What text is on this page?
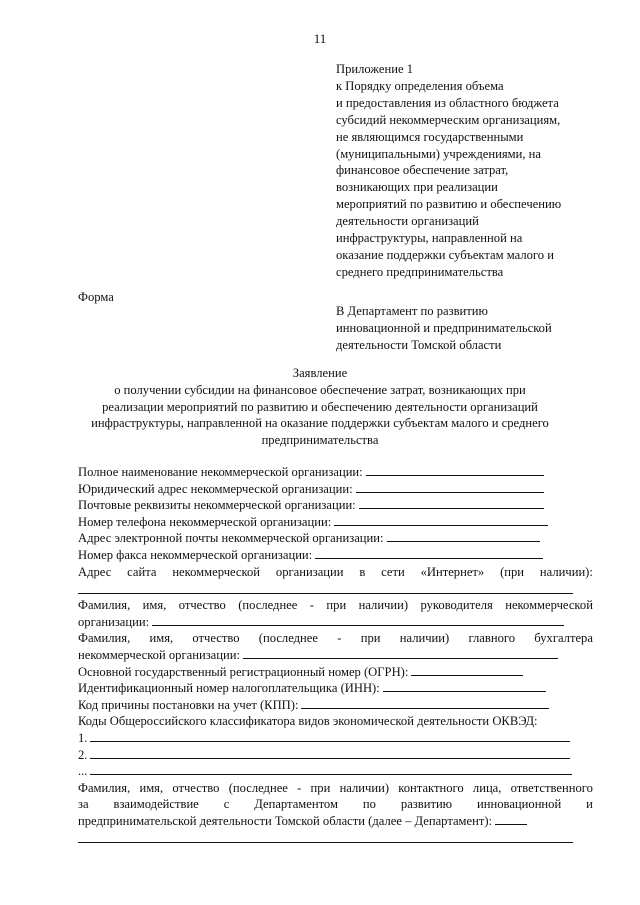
11
Приложение 1
к Порядку определения объема
и предоставления из областного бюджета
субсидий некоммерческим организациям,
не являющимся государственными
(муниципальными) учреждениями, на
финансовое обеспечение затрат,
возникающих при реализации
мероприятий по развитию и обеспечению
деятельности организаций
инфраструктуры, направленной на
оказание поддержки субъектам малого и
среднего предпринимательства
Форма
В Департамент по развитию
инновационной и предпринимательской
деятельности Томской области
Заявление
о получении субсидии на финансовое обеспечение затрат, возникающих при
реализации мероприятий по развитию и обеспечению деятельности организаций
инфраструктуры, направленной на оказание поддержки субъектам малого и среднего
предпринимательства
Полное наименование некоммерческой организации:
Юридический адрес некоммерческой организации:
Почтовые реквизиты некоммерческой организации:
Номер телефона некоммерческой организации:
Адрес электронной почты некоммерческой организации:
Номер факса некоммерческой организации:
Адрес сайта некоммерческой организации в сети «Интернет» (при наличии):
Фамилия, имя, отчество (последнее - при наличии) руководителя некоммерческой
организации:
Фамилия, имя, отчество (последнее - при наличии) главного бухгалтера
некоммерческой организации:
Основной государственный регистрационный номер (ОГРН):
Идентификационный номер налогоплательщика (ИНН):
Код причины постановки на учет (КПП):
Коды Общероссийского классификатора видов экономической деятельности ОКВЭД:
1.
2.
...
Фамилия, имя, отчество (последнее - при наличии) контактного лица, ответственного
за взаимодействие с Департаментом по развитию инновационной и
предпринимательской деятельности Томской области (далее – Департамент):
